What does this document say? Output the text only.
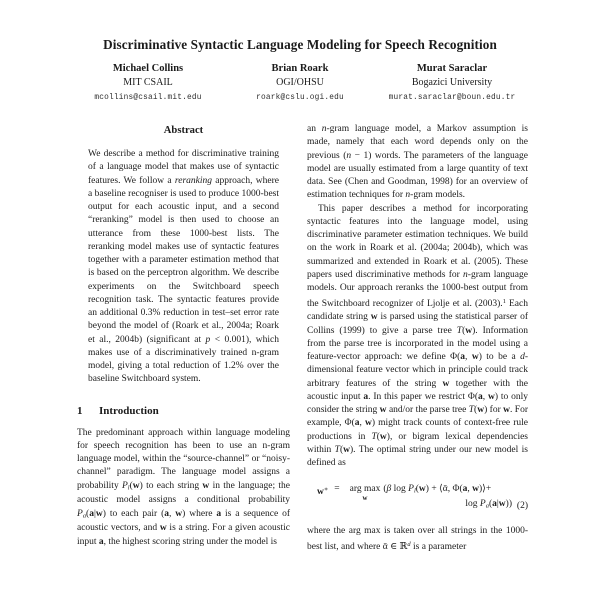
Discriminative Syntactic Language Modeling for Speech Recognition
Michael Collins
MIT CSAIL
mcollins@csail.mit.edu
Brian Roark
OGI/OHSU
roark@cslu.ogi.edu
Murat Saraclar
Bogazici University
murat.saraclar@boun.edu.tr
Abstract

We describe a method for discriminative training of a language model that makes use of syntactic features. We follow a reranking approach, where a baseline recogniser is used to produce 1000-best output for each acoustic input, and a second “reranking” model is then used to choose an utterance from these 1000-best lists. The reranking model makes use of syntactic features together with a parameter estimation method that is based on the perceptron algorithm. We describe experiments on the Switchboard speech recognition task. The syntactic features provide an additional 0.3% reduction in test–set error rate beyond the model of (Roark et al., 2004a; Roark et al., 2004b) (significant at p < 0.001), which makes use of a discriminatively trained n-gram model, giving a total reduction of 1.2% over the baseline Switchboard system.

1	Introduction

The predominant approach within language modeling for speech recognition has been to use an n-gram language model, within the “source-channel” or “noisy-channel” paradigm. The language model assigns a probability Pl(w) to each string w in the language; the acoustic model assigns a conditional probability Pa(a|w) to each pair (a, w) where a is a sequence of acoustic vectors, and w is a string. For a given acoustic input a, the highest scoring string under the model is

an n-gram language model, a Markov assumption is made, namely that each word depends only on the previous (n − 1) words. The parameters of the language model are usually estimated from a large quantity of text data. See (Chen and Goodman, 1998) for an overview of estimation techniques for n-gram models.

This paper describes a method for incorporating syntactic features into the language model, using discriminative parameter estimation techniques. We build on the work in Roark et al. (2004a; 2004b), which was summarized and extended in Roark et al. (2005). These papers used discriminative methods for n-gram language models. Our approach reranks the 1000-best output from the Switchboard recognizer of Ljolje et al. (2003).$^1$ Each candidate string w is parsed using the statistical parser of Collins (1999) to give a parse tree T(w). Information from the parse tree is incorporated in the model using a feature-vector approach: we define Φ(a, w) to be a d-dimensional feature vector which in principle could track arbitrary features of the string w together with the acoustic input a. In this paper we restrict Φ(a, w) to only consider the string w and/or the parse tree T(w) for w. For example, Φ(a, w) might track counts of context-free rule productions in T(w), or bigram lexical dependencies within T(w). The optimal string under our new model is defined as

w∗ = arg max
w
(β log Pl(w) + ⟨ᾱ, Φ(a, w)⟩+
log Pa(a|w)) (2)

where the arg max is taken over all strings in the 1000-best list, and where ᾱ ∈ ℝ$^d$ is a parameter
